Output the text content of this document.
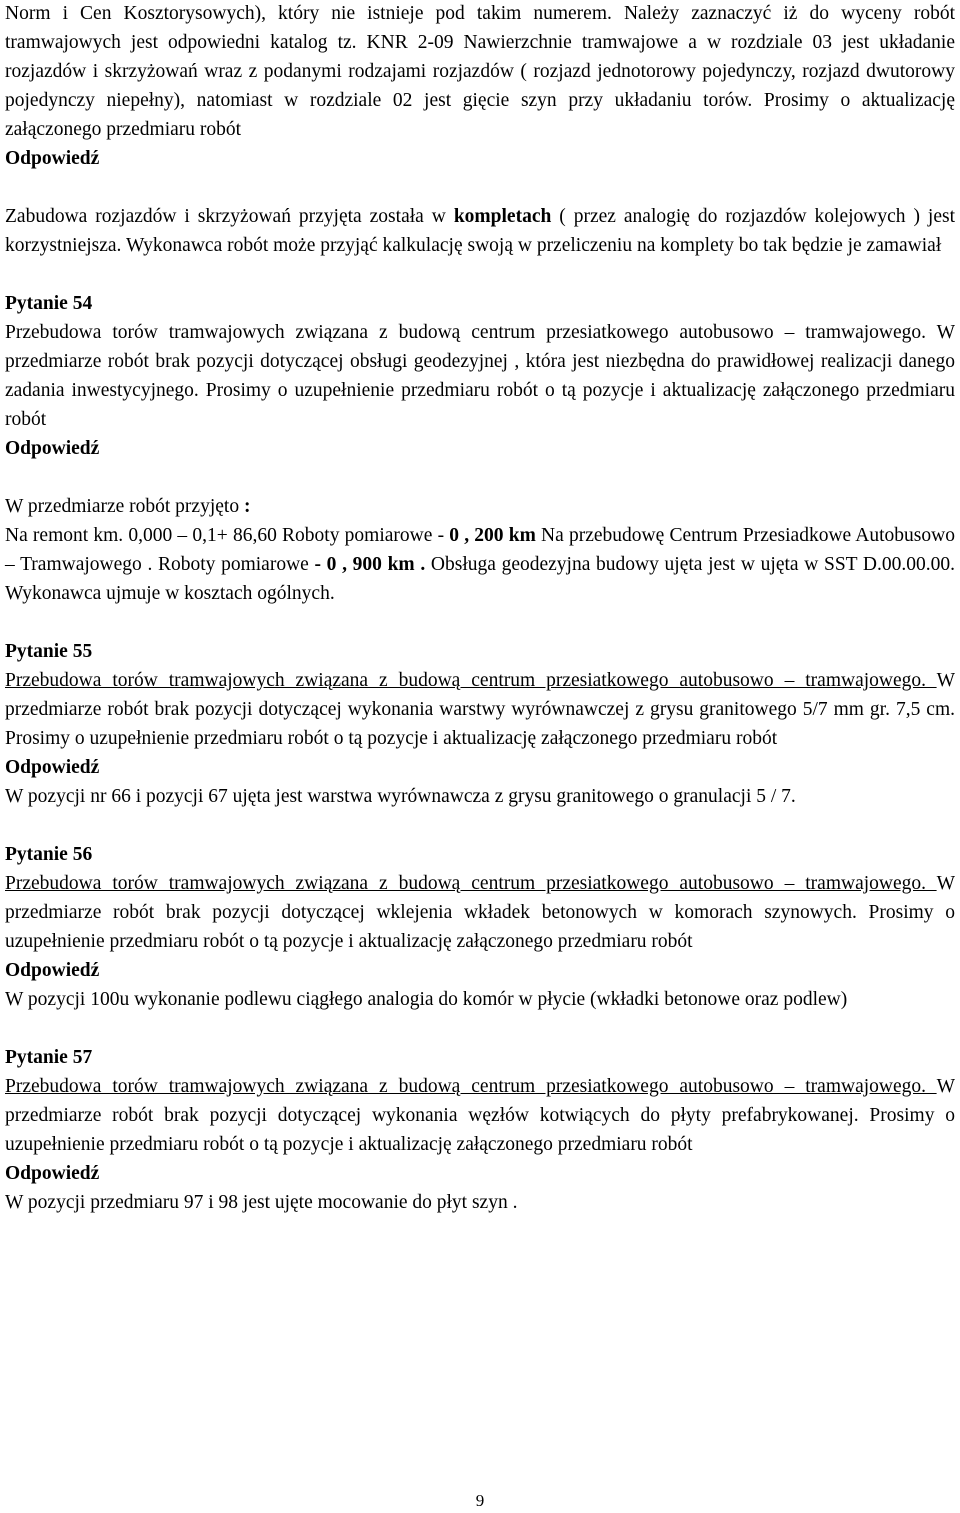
Norm i Cen Kosztorysowych), który nie istnieje pod takim numerem. Należy zaznaczyć iż do wyceny robót tramwajowych jest odpowiedni katalog tz. KNR 2-09 Nawierzchnie tramwajowe a w rozdziale 03 jest układanie rozjazdów i skrzyżowań wraz z podanymi rodzajami rozjazdów ( rozjazd jednotorowy pojedynczy, rozjazd dwutorowy pojedynczy niepełny), natomiast w rozdziale 02 jest gięcie szyn przy układaniu torów. Prosimy o aktualizację załączonego przedmiaru robót

Odpowiedź

Zabudowa rozjazdów i skrzyżowań przyjęta została w kompletach ( przez analogię do rozjazdów kolejowych ) jest korzystniejsza. Wykonawca robót może przyjąć kalkulację swoją w przeliczeniu na komplety bo tak będzie je zamawiał

Pytanie 54

Przebudowa torów tramwajowych związana z budową centrum przesiatkowego autobusowo – tramwajowego. W przedmiarze robót brak pozycji dotyczącej obsługi geodezyjnej , która jest niezbędna do prawidłowej realizacji danego zadania inwestycyjnego. Prosimy o uzupełnienie przedmiaru robót o tą pozycje i aktualizację załączonego przedmiaru robót

Odpowiedź

W przedmiarze robót przyjęto :

Na remont km. 0,000 – 0,1+ 86,60 Roboty pomiarowe - 0 , 200 km Na przebudowę Centrum Przesiadkowe Autobusowo – Tramwajowego . Roboty pomiarowe - 0 , 900 km . Obsługa geodezyjna budowy ujęta jest w ujęta w SST D.00.00.00. Wykonawca ujmuje w kosztach ogólnych.

Pytanie 55

Przebudowa torów tramwajowych związana z budową centrum przesiatkowego autobusowo – tramwajowego. W przedmiarze robót brak pozycji dotyczącej wykonania warstwy wyrównawczej z grysu granitowego 5/7 mm gr. 7,5 cm. Prosimy o uzupełnienie przedmiaru robót o tą pozycje i aktualizację załączonego przedmiaru robót

Odpowiedź

W pozycji nr 66 i pozycji 67 ujęta jest warstwa wyrównawcza z grysu granitowego o granulacji 5 / 7.

Pytanie 56

Przebudowa torów tramwajowych związana z budową centrum przesiatkowego autobusowo – tramwajowego. W przedmiarze robót brak pozycji dotyczącej wklejenia wkładek betonowych w komorach szynowych. Prosimy o uzupełnienie przedmiaru robót o tą pozycje i aktualizację załączonego przedmiaru robót

Odpowiedź

W pozycji 100u wykonanie podlewu ciągłego analogia do komór w płycie (wkładki betonowe oraz podlew)

Pytanie 57

Przebudowa torów tramwajowych związana z budową centrum przesiatkowego autobusowo – tramwajowego. W przedmiarze robót brak pozycji dotyczącej wykonania węzłów kotwiących do płyty prefabrykowanej. Prosimy o uzupełnienie przedmiaru robót o tą pozycje i aktualizację załączonego przedmiaru robót

Odpowiedź

W pozycji przedmiaru 97 i 98 jest ujęte mocowanie do płyt szyn .

9
